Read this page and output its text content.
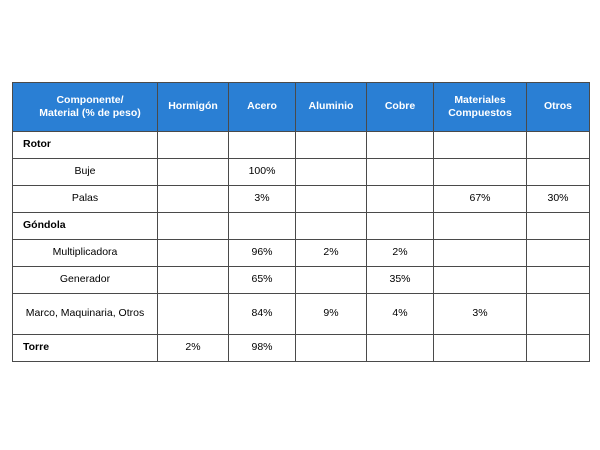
Componente/
Material (% de peso)	Hormigón	Acero	Aluminio	Cobre	Materiales Compuestos	Otros
Rotor						
Buje		100%				
Palas		3%			67%	30%
Góndola						
Multiplicadora		96%	2%	2%		
Generador		65%		35%		
Marco, Maquinaria, Otros		84%	9%	4%	3%	
Torre	2%	98%				
